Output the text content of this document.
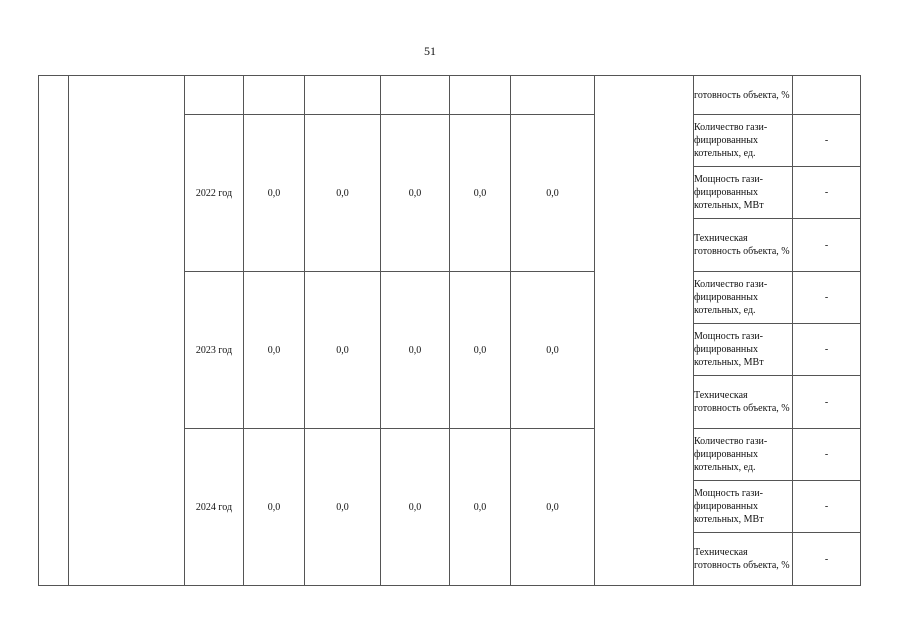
51
									готовность объекта, %	
		2022 год	0,0	0,0	0,0	0,0	0,0		Количество гази-фицированных котельных, ед.	-
									Мощность гази-фицированных котельных, МВт	-
									Техническая готовность объекта, %	-
		2023 год	0,0	0,0	0,0	0,0	0,0		Количество гази-фицированных котельных, ед.	-
									Мощность гази-фицированных котельных, МВт	-
									Техническая готовность объекта, %	-
		2024 год	0,0	0,0	0,0	0,0	0,0		Количество гази-фицированных котельных, ед.	-
									Мощность гази-фицированных котельных, МВт	-
									Техническая готовность объекта, %	-
